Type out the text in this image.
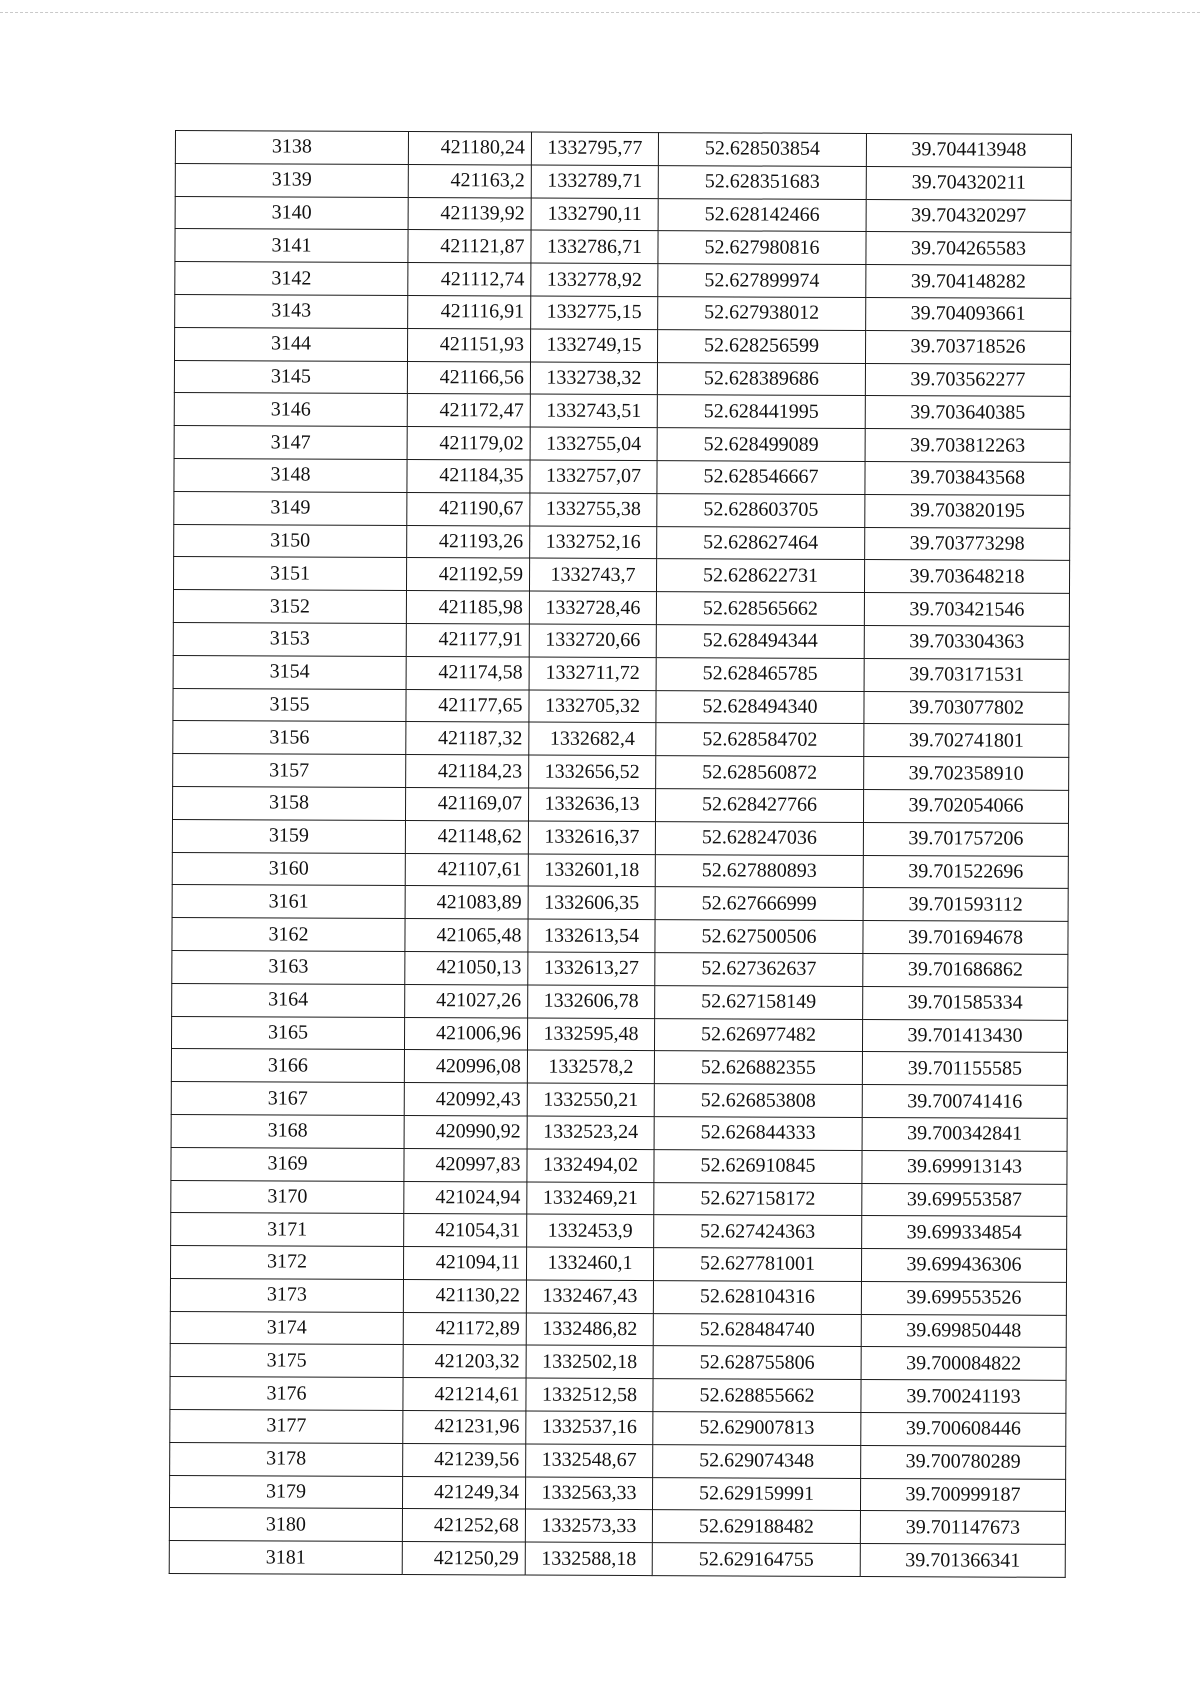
3138	421180,24	1332795,77	52.628503854	39.704413948
3139	421163,2	1332789,71	52.628351683	39.704320211
3140	421139,92	1332790,11	52.628142466	39.704320297
3141	421121,87	1332786,71	52.627980816	39.704265583
3142	421112,74	1332778,92	52.627899974	39.704148282
3143	421116,91	1332775,15	52.627938012	39.704093661
3144	421151,93	1332749,15	52.628256599	39.703718526
3145	421166,56	1332738,32	52.628389686	39.703562277
3146	421172,47	1332743,51	52.628441995	39.703640385
3147	421179,02	1332755,04	52.628499089	39.703812263
3148	421184,35	1332757,07	52.628546667	39.703843568
3149	421190,67	1332755,38	52.628603705	39.703820195
3150	421193,26	1332752,16	52.628627464	39.703773298
3151	421192,59	1332743,7	52.628622731	39.703648218
3152	421185,98	1332728,46	52.628565662	39.703421546
3153	421177,91	1332720,66	52.628494344	39.703304363
3154	421174,58	1332711,72	52.628465785	39.703171531
3155	421177,65	1332705,32	52.628494340	39.703077802
3156	421187,32	1332682,4	52.628584702	39.702741801
3157	421184,23	1332656,52	52.628560872	39.702358910
3158	421169,07	1332636,13	52.628427766	39.702054066
3159	421148,62	1332616,37	52.628247036	39.701757206
3160	421107,61	1332601,18	52.627880893	39.701522696
3161	421083,89	1332606,35	52.627666999	39.701593112
3162	421065,48	1332613,54	52.627500506	39.701694678
3163	421050,13	1332613,27	52.627362637	39.701686862
3164	421027,26	1332606,78	52.627158149	39.701585334
3165	421006,96	1332595,48	52.626977482	39.701413430
3166	420996,08	1332578,2	52.626882355	39.701155585
3167	420992,43	1332550,21	52.626853808	39.700741416
3168	420990,92	1332523,24	52.626844333	39.700342841
3169	420997,83	1332494,02	52.626910845	39.699913143
3170	421024,94	1332469,21	52.627158172	39.699553587
3171	421054,31	1332453,9	52.627424363	39.699334854
3172	421094,11	1332460,1	52.627781001	39.699436306
3173	421130,22	1332467,43	52.628104316	39.699553526
3174	421172,89	1332486,82	52.628484740	39.699850448
3175	421203,32	1332502,18	52.628755806	39.700084822
3176	421214,61	1332512,58	52.628855662	39.700241193
3177	421231,96	1332537,16	52.629007813	39.700608446
3178	421239,56	1332548,67	52.629074348	39.700780289
3179	421249,34	1332563,33	52.629159991	39.700999187
3180	421252,68	1332573,33	52.629188482	39.701147673
3181	421250,29	1332588,18	52.629164755	39.701366341
